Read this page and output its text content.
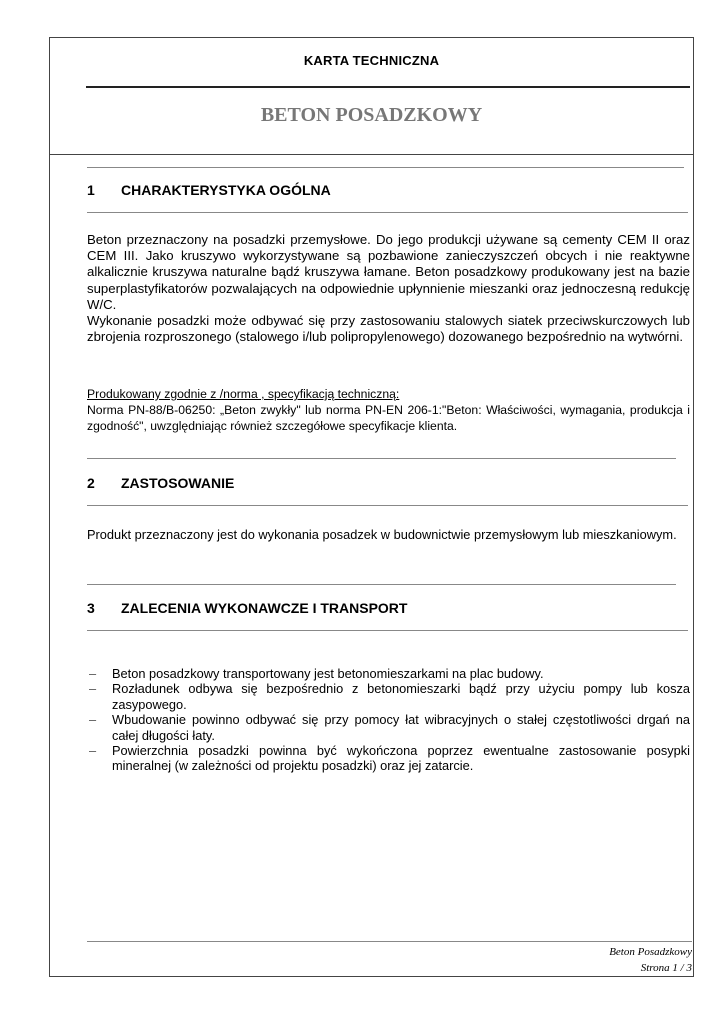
KARTA TECHNICZNA
BETON POSADZKOWY
1 CHARAKTERYSTYKA OGÓLNA

Beton przeznaczony na posadzki przemysłowe. Do jego produkcji używane są cementy CEM II oraz CEM III. Jako kruszywo wykorzystywane są pozbawione zanieczyszczeń obcych i nie reaktywne alkalicznie kruszywa naturalne bądź kruszywa łamane. Beton posadzkowy produkowany jest na bazie superplastyfikatorów pozwalających na odpowiednie upłynnienie mieszanki oraz jednoczesną redukcję W/C.

Wykonanie posadzki może odbywać się przy zastosowaniu stalowych siatek przeciwskurczowych lub zbrojenia rozproszonego (stalowego i/lub polipropylenowego) dozowanego bezpośrednio na wytwórni.

Produkowany zgodnie z /norma , specyfikacją techniczną:

Norma PN-88/B-06250: „Beton zwykły" lub norma PN-EN 206-1:"Beton: Właściwości, wymagania, produkcja i zgodność", uwzględniając również szczegółowe specyfikacje klienta.

2 ZASTOSOWANIE

Produkt przeznaczony jest do wykonania posadzek w budownictwie przemysłowym lub mieszkaniowym.

3 ZALECENIA WYKONAWCZE I TRANSPORT
– Beton posadzkowy transportowany jest betonomieszarkami na plac budowy.
– Rozładunek odbywa się bezpośrednio z betonomieszarki bądź przy użyciu pompy lub kosza zasypowego.
– Wbudowanie powinno odbywać się przy pomocy łat wibracyjnych o stałej częstotliwości drgań na całej długości łaty.
– Powierzchnia posadzki powinna być wykończona poprzez ewentualne zastosowanie posypki mineralnej (w zależności od projektu posadzki) oraz jej zatarcie.
Beton Posadzkowy
Strona 1 / 3
